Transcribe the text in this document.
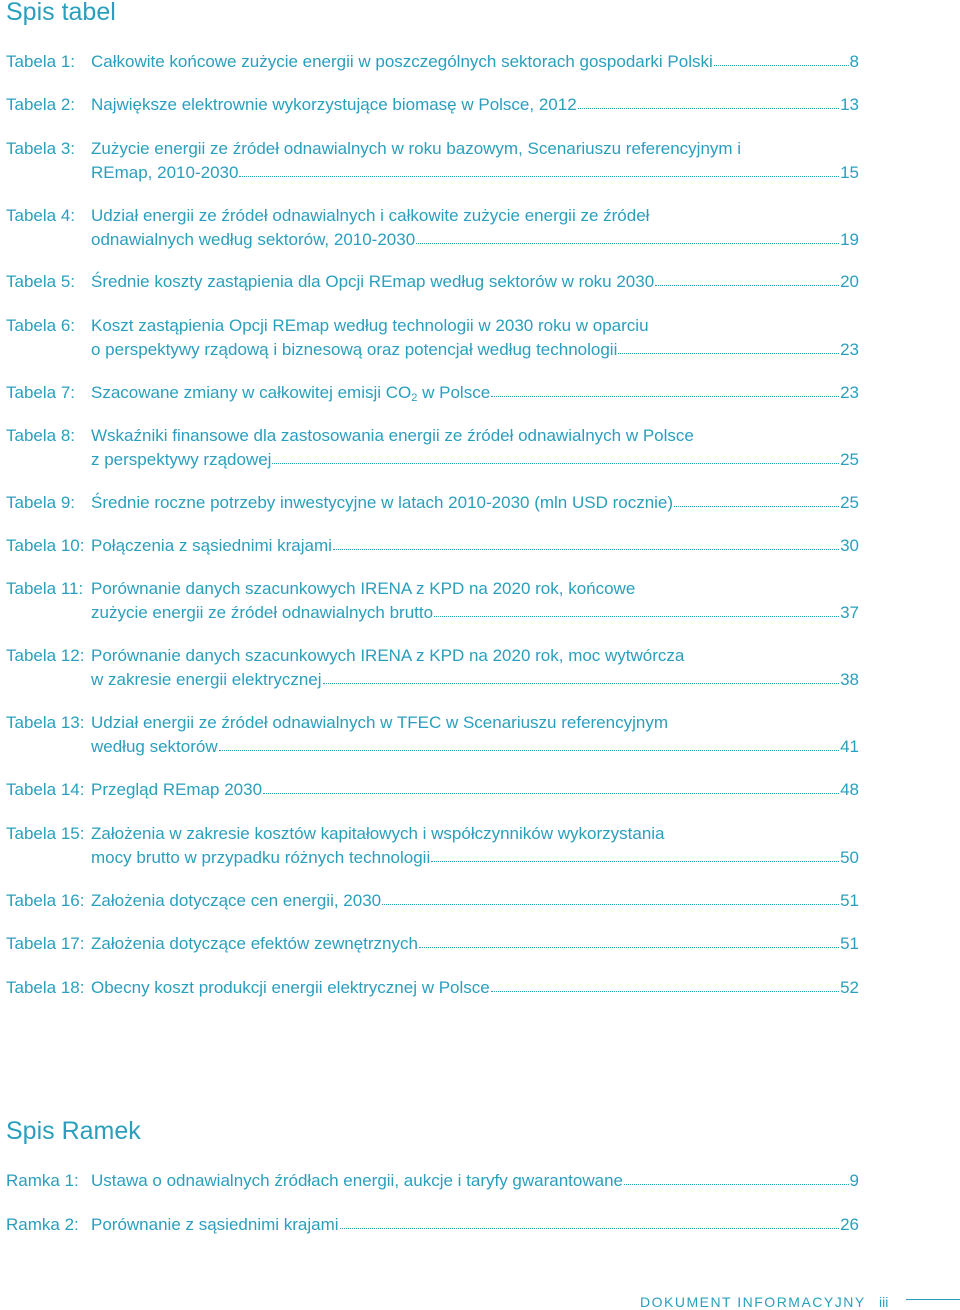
Spis tabel
Tabela 1: Całkowite końcowe zużycie energii w poszczególnych sektorach gospodarki Polski	8
Tabela 2: Największe elektrownie wykorzystujące biomasę w Polsce, 2012	13
Tabela 3: Zużycie energii ze źródeł odnawialnych w roku bazowym, Scenariuszu referencyjnym i
REmap, 2010-2030	15
Tabela 4: Udział energii ze źródeł odnawialnych i całkowite zużycie energii ze źródeł
odnawialnych według sektorów, 2010-2030	19
Tabela 5: Średnie koszty zastąpienia dla Opcji REmap według sektorów w roku 2030	20
Tabela 6: Koszt zastąpienia Opcji REmap według technologii w 2030 roku w oparciu
o perspektywy rządową i biznesową oraz potencjał według technologii	23
Tabela 7: Szacowane zmiany w całkowitej emisji $CO_2$ w Polsce	23
Tabela 8: Wskaźniki finansowe dla zastosowania energii ze źródeł odnawialnych w Polsce
z perspektywy rządowej	25
Tabela 9: Średnie roczne potrzeby inwestycyjne w latach 2010-2030 (mln USD rocznie)	25
Tabela 10: Połączenia z sąsiednimi krajami	30
Tabela 11: Porównanie danych szacunkowych IRENA z KPD na 2020 rok, końcowe
zużycie energii ze źródeł odnawialnych brutto	37
Tabela 12: Porównanie danych szacunkowych IRENA z KPD na 2020 rok, moc wytwórcza
w zakresie energii elektrycznej	38
Tabela 13: Udział energii ze źródeł odnawialnych w TFEC w Scenariuszu referencyjnym
według sektorów	41
Tabela 14: Przegląd REmap 2030	48
Tabela 15: Założenia w zakresie kosztów kapitałowych i współczynników wykorzystania
mocy brutto w przypadku różnych technologii	50
Tabela 16: Założenia dotyczące cen energii, 2030	51
Tabela 17: Założenia dotyczące efektów zewnętrznych	51
Tabela 18: Obecny koszt produkcji energii elektrycznej w Polsce	52
Spis Ramek
Ramka 1: Ustawa o odnawialnych źródłach energii, aukcje i taryfy gwarantowane	9
Ramka 2: Porównanie z sąsiednimi krajami	26
DOKUMENT INFORMACYJNY iii
